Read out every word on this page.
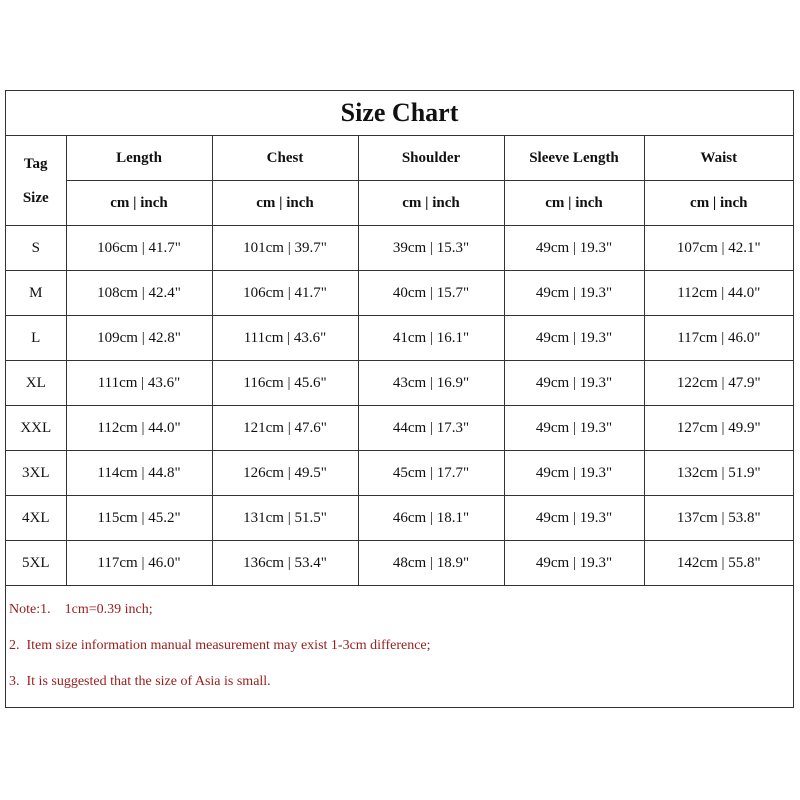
Size Chart					

Tag
Size	Length	Chest	Shoulder	Sleeve Length	Waist
	cm | inch	cm | inch	cm | inch	cm | inch	cm | inch
S	106cm | 41.7"	101cm | 39.7"	39cm | 15.3"	49cm | 19.3"	107cm | 42.1"
M	108cm | 42.4"	106cm | 41.7"	40cm | 15.7"	49cm | 19.3"	112cm | 44.0"
L	109cm | 42.8"	111cm | 43.6"	41cm | 16.1"	49cm | 19.3"	117cm | 46.0"
XL	111cm | 43.6"	116cm | 45.6"	43cm | 16.9"	49cm | 19.3"	122cm | 47.9"
XXL	112cm | 44.0"	121cm | 47.6"	44cm | 17.3"	49cm | 19.3"	127cm | 49.9"
3XL	114cm | 44.8"	126cm | 49.5"	45cm | 17.7"	49cm | 19.3"	132cm | 51.9"
4XL	115cm | 45.2"	131cm | 51.5"	46cm | 18.1"	49cm | 19.3"	137cm | 53.8"
5XL	117cm | 46.0"	136cm | 53.4"	48cm | 18.9"	49cm | 19.3"	142cm | 55.8"
Note:1.    1cm=0.39 inch;
2.  Item size information manual measurement may exist 1-3cm difference;
3.  It is suggested that the size of Asia is small.
